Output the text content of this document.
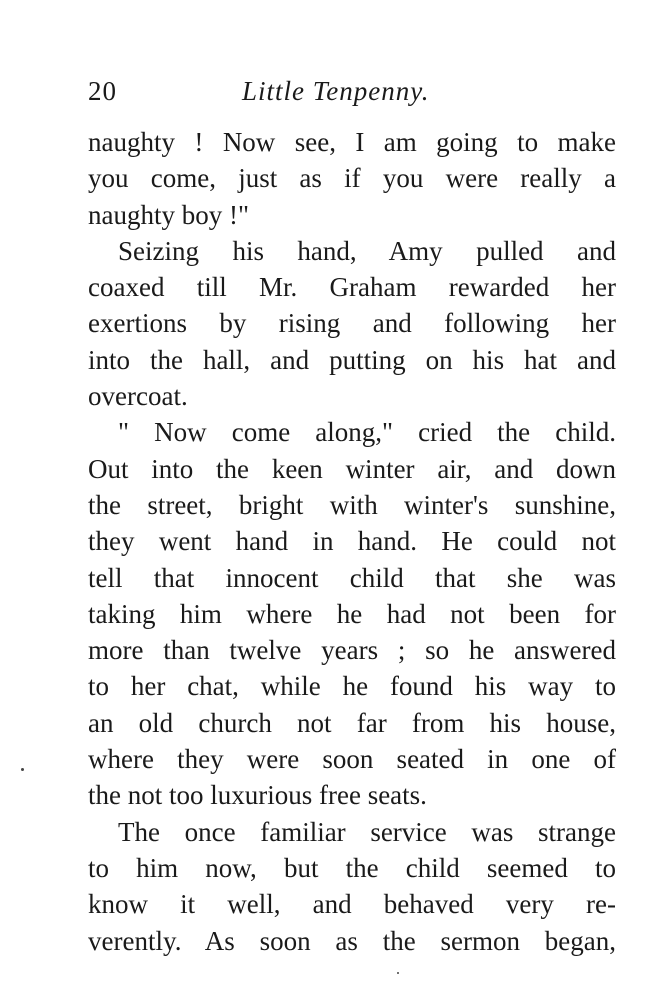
20	Little Tenpenny.
naughty ! Now see, I am going to make
you come, just as if you were really a
naughty boy !"
Seizing his hand, Amy pulled and
coaxed till Mr. Graham rewarded her
exertions by rising and following her
into the hall, and putting on his hat and
overcoat.
" Now come along," cried the child.
Out into the keen winter air, and down
the street, bright with winter's sunshine,
they went hand in hand. He could not
tell that innocent child that she was
taking him where he had not been for
more than twelve years ; so he answered
to her chat, while he found his way to
an old church not far from his house,
where they were soon seated in one of
the not too luxurious free seats.
The once familiar service was strange
to him now, but the child seemed to
know it well, and behaved very re-
verently. As soon as the sermon began,
